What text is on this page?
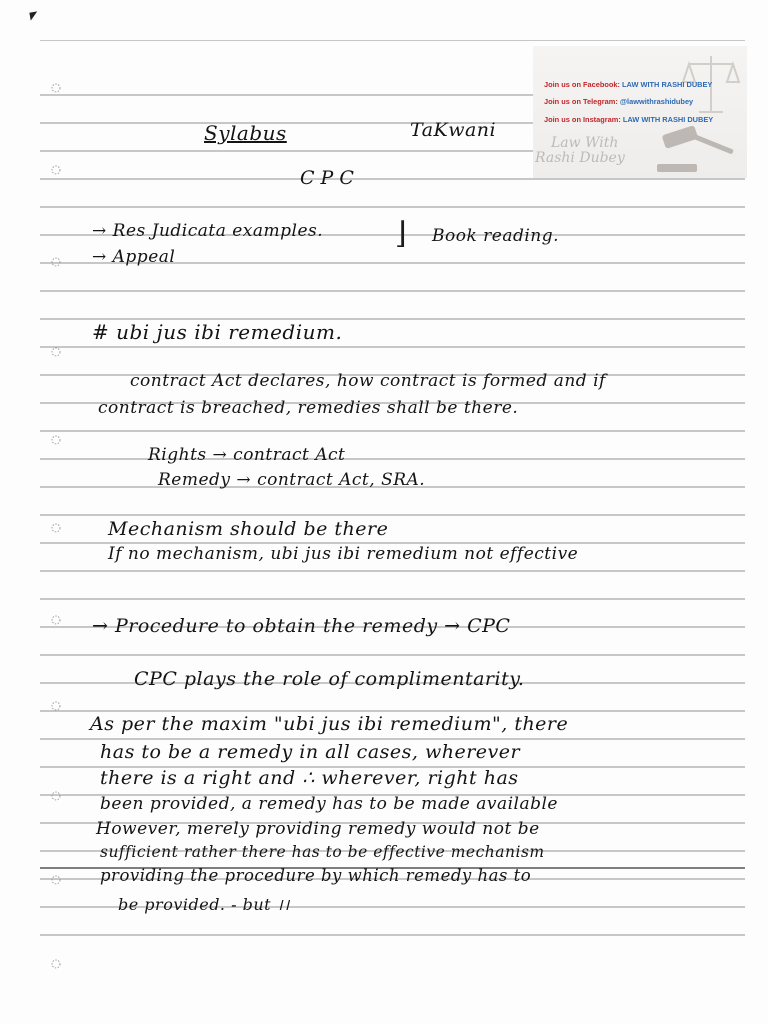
Join us on Facebook: LAW WITH RASHI DUBEY
Join us on Telegram: @lawwithrashidubey
Join us on Instagram: LAW WITH RASHI DUBEY
Law With
Rashi Dubey
Sylabus	TaKwani
CPC
→ Res Judicata examples. ⌋ Book reading.
→ Appeal
# ubi jus ibi remedium.
contract Act declares, how contract is formed and if
contract is breached, remedies shall be there.
Rights → contract Act
Remedy → contract Act, SRA.
Mechanism should be there
If no mechanism, ubi jus ibi remedium not effective
→ Procedure to obtain the remedy → CPC
CPC plays the role of complimentarity.
As per the maxim "ubi jus ibi remedium", there
has to be a remedy in all cases, wherever
there is a right and ∴ wherever, right has
been provided, a remedy has to be made available
However, merely providing remedy would not be
sufficient rather there has to be effective mechanism
providing the procedure by which remedy has to
be provided. - but ।।
